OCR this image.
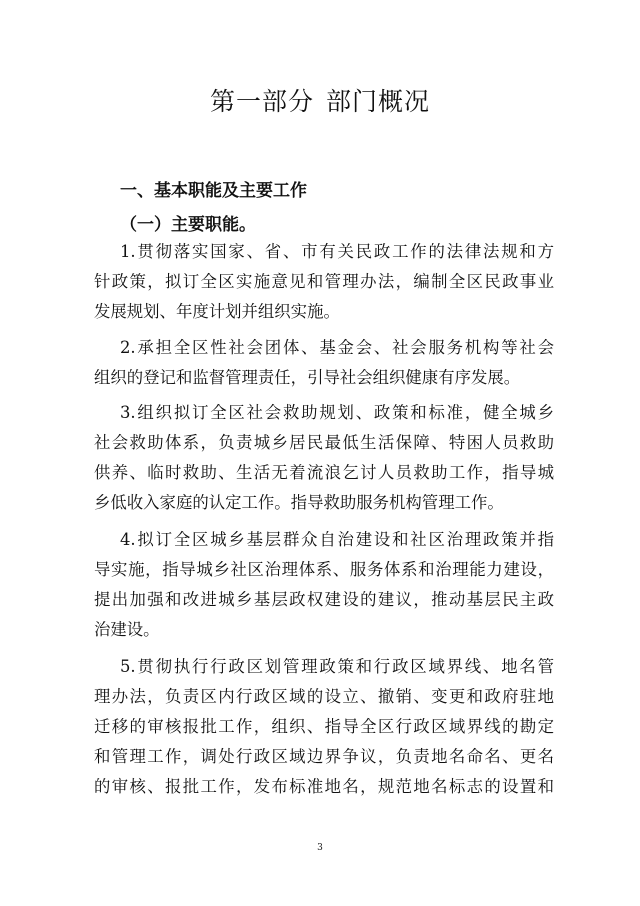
第一部分 部门概况
一、基本职能及主要工作
（一）主要职能。
1.贯彻落实国家、省、市有关民政工作的法律法规和方
针政策，拟订全区实施意见和管理办法，编制全区民政事业
发展规划、年度计划并组织实施。
2.承担全区性社会团体、基金会、社会服务机构等社会
组织的登记和监督管理责任，引导社会组织健康有序发展。
3.组织拟订全区社会救助规划、政策和标准，健全城乡
社会救助体系，负责城乡居民最低生活保障、特困人员救助
供养、临时救助、生活无着流浪乞讨人员救助工作，指导城
乡低收入家庭的认定工作。指导救助服务机构管理工作。
4.拟订全区城乡基层群众自治建设和社区治理政策并指
导实施，指导城乡社区治理体系、服务体系和治理能力建设，
提出加强和改进城乡基层政权建设的建议，推动基层民主政
治建设。
5.贯彻执行行政区划管理政策和行政区域界线、地名管
理办法，负责区内行政区域的设立、撤销、变更和政府驻地
迁移的审核报批工作，组织、指导全区行政区域界线的勘定
和管理工作，调处行政区域边界争议，负责地名命名、更名
的审核、报批工作，发布标准地名，规范地名标志的设置和
3
